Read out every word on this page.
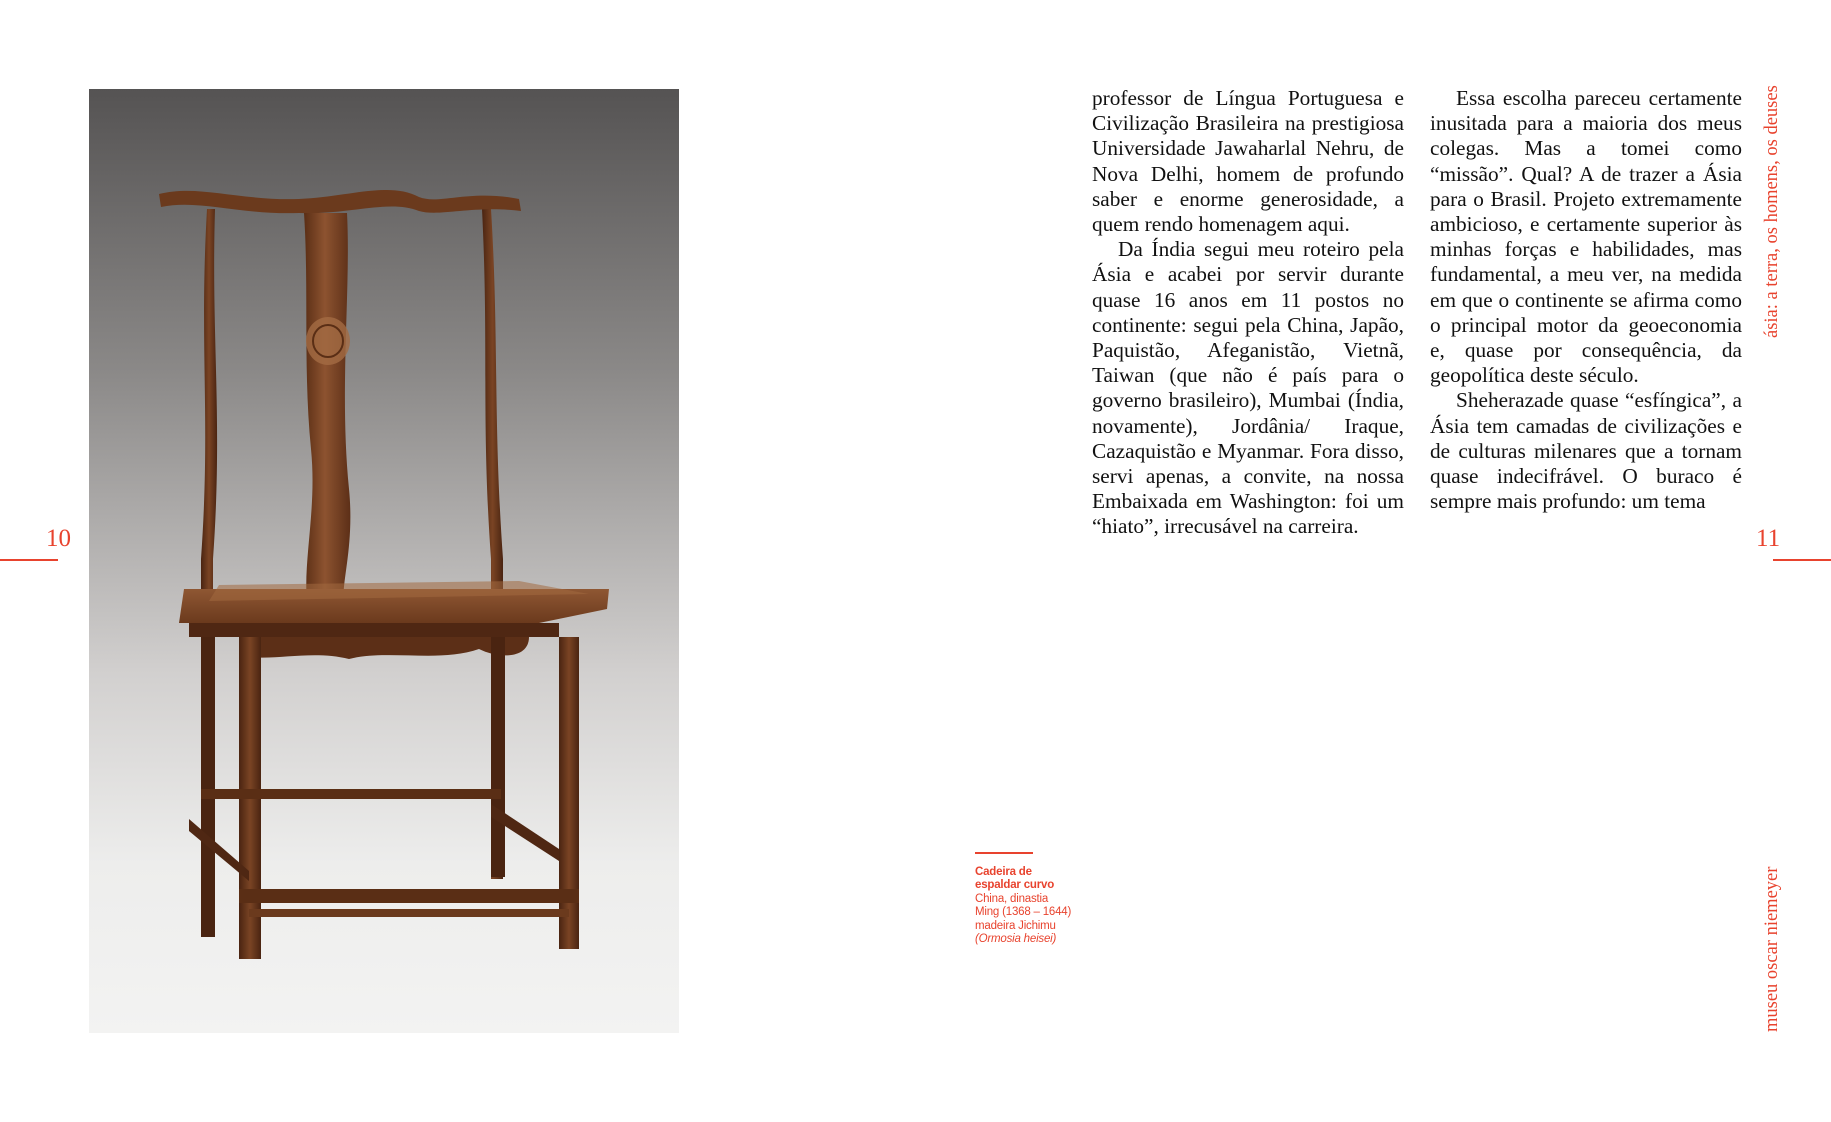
10	11

professor de Língua Portuguesa e Civilização Brasileira na prestigiosa Universidade Jawaharlal Nehru, de Nova Delhi, homem de profundo saber e enorme generosidade, a quem rendo homenagem aqui.

Da Índia segui meu roteiro pela Ásia e acabei por servir durante quase 16 anos em 11 postos no continente: segui pela China, Japão, Paquistão, Afeganistão, Vietnã, Taiwan (que não é país para o governo brasileiro), Mumbai (Índia, novamente), Jordânia/ Iraque, Cazaquistão e Myanmar. Fora disso, servi apenas, a convite, na nossa Embaixada em Washington: foi um “hiato”, irrecusável na carreira.

Essa escolha pareceu certamente inusitada para a maioria dos meus colegas. Mas a tomei como “missão”. Qual? A de trazer a Ásia para o Brasil. Projeto extremamente ambicioso, e certamente superior às minhas forças e habilidades, mas fundamental, a meu ver, na medida em que o continente se afirma como o principal motor da geoeconomia e, quase por consequência, da geopolítica deste século.

Sheherazade quase “esfíngica”, a Ásia tem camadas de civilizações e de culturas milenares que a tornam quase indecifrável. O buraco é sempre mais profundo: um tema

Cadeira de
espaldar curvo
China, dinastia
Ming (1368 – 1644)
madeira Jichimu
(Ormosia heisei)
ásia: a terra, os homens, os deuses
museu oscar niemeyer
